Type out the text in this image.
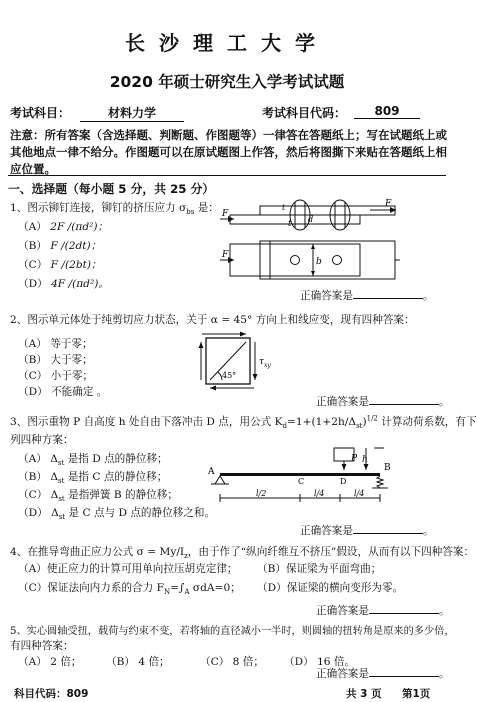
长沙理工大学
2020 年硕士研究生入学考试试题
考试科目：	材料力学	考试科目代码：	809
注意：所有答案（含选择题、判断题、作图题等）一律答在答题纸上；写在试题纸上或其他地点一律不给分。作图题可以在原试题图上作答，然后将图撕下来贴在答题纸上相应位置。
一、选择题（每小题 5 分，共 25 分）
1、图示铆钉连接，铆钉的挤压应力 $\sigma_{bs}$ 是：
（A） 2F /(πd²)；
（B） F /(2dt)；
（C） F /(2bt)；
（D） 4F /(πd²)。
F
F
t
t d
b
F
正确答案是	。
2、图示单元体处于纯剪切应力状态，关于 α = 45° 方向上和线应变，现有四种答案：
（A） 等于零；
（B） 大于零；
（C） 小于零；
（D） 不能确定 。
45°
$\tau_{xy}$
正确答案是	。
3、图示重物 P 自高度 h 处自由下落冲击 D 点，用公式 $K_d=1+(1+2h/\Delta_{st})^{1/2}$ 计算动荷系数，有下
列四种方案：
（A） $\Delta_{st}$ 是指 D 点的静位移；
（B） $\Delta_{st}$ 是指 C 点的静位移；
（C） $\Delta_{st}$ 是指弹簧 B 的静位移；
（D） $\Delta_{st}$ 是 C 点与 D 点的静位移之和。
P h
A	B
C	D
l/2	l/4	l/4
正确答案是	。
4、在推导弯曲正应力公式 $\sigma = My/I_z$，由于作了“纵向纤维互不挤压”假设，从而有以下四种答案：
（A）使正应力的计算可用单向拉压胡克定律； （B）保证梁为平面弯曲；
（C）保证法向内力系的合力 $F_N=\int_A$ σdA=0； （D）保证梁的横向变形为零。
正确答案是	。
5、实心圆轴受扭，载荷与约束不变，若将轴的直径减小一半时，则圆轴的扭转角是原来的多少倍，
有四种答案：
（A） 2 倍； （B） 4 倍；	（C） 8 倍； （D） 16 倍。
正确答案是	。
科目代码：809	共 3 页 第1页
